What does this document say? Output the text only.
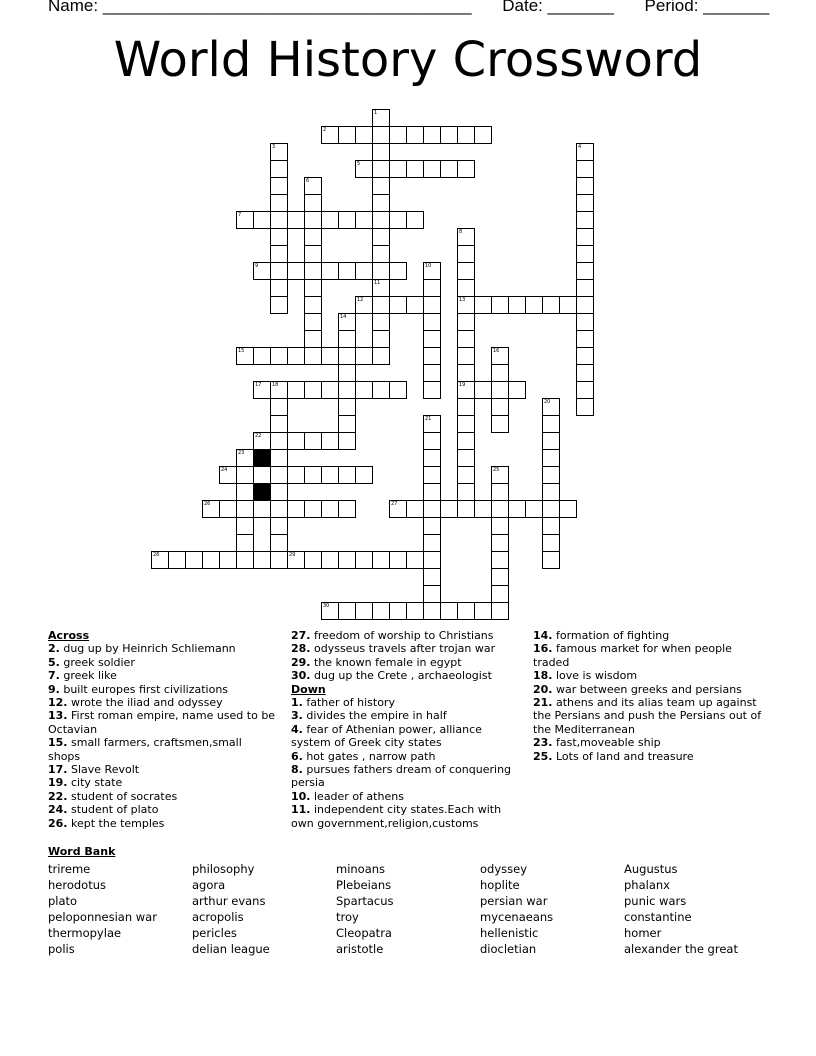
Name: _______________________________________ Date: _______ Period: _______
World History Crossword
2
5
7
9
12	13
15
17 18	19
22
24
26	27
28	29
30
1
3	4
6
8
10
11
14
16
20
21
23
25
Across
2. dug up by Heinrich Schliemann
5. greek soldier
7. greek like
9. built europes first civilizations
12. wrote the iliad and odyssey
13. First roman empire, name used to be Octavian
15. small farmers, craftsmen,small shops
17. Slave Revolt
19. city state
22. student of socrates
24. student of plato
26. kept the temples
27. freedom of worship to Christians
28. odysseus travels after trojan war
29. the known female in egypt
30. dug up the Crete , archaeologist
Down
1. father of history
3. divides the empire in half
4. fear of Athenian power, alliance system of Greek city states
6. hot gates , narrow path
8. pursues fathers dream of conquering persia
10. leader of athens
11. independent city states.Each with own government,religion,customs
14. formation of fighting
16. famous market for when people traded
18. love is wisdom
20. war between greeks and persians
21. athens and its alias team up against the Persians and push the Persians out of the Mediterranean
23. fast,moveable ship
25. Lots of land and treasure
Word Bank
trireme
herodotus
plato
peloponnesian war
thermopylae
polis
philosophy
agora
arthur evans
acropolis
pericles
delian league
minoans
Plebeians
Spartacus
troy
Cleopatra
aristotle
odyssey
hoplite
persian war
mycenaeans
hellenistic
diocletian
Augustus
phalanx
punic wars
constantine
homer
alexander the great
